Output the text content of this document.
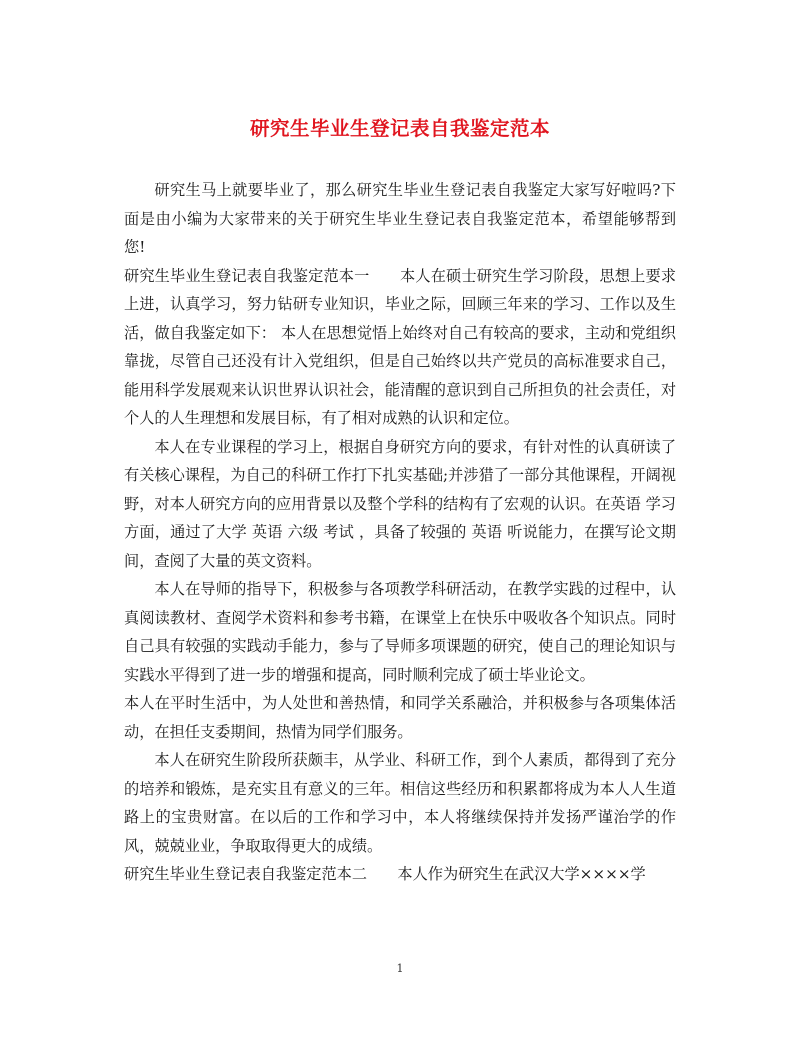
研究生毕业生登记表自我鉴定范本

研究生马上就要毕业了，那么研究生毕业生登记表自我鉴定大家写好啦吗?下面是由小编为大家带来的关于研究生毕业生登记表自我鉴定范本，希望能够帮到您!

研究生毕业生登记表自我鉴定范本一 本人在硕士研究生学习阶段，思想上要求上进，认真学习，努力钻研专业知识，毕业之际，回顾三年来的学习、工作以及生活，做自我鉴定如下： 本人在思想觉悟上始终对自己有较高的要求，主动和党组织靠拢，尽管自己还没有计入党组织，但是自己始终以共产党员的高标准要求自己，能用科学发展观来认识世界认识社会，能清醒的意识到自己所担负的社会责任，对个人的人生理想和发展目标，有了相对成熟的认识和定位。

本人在专业课程的学习上，根据自身研究方向的要求，有针对性的认真研读了有关核心课程，为自己的科研工作打下扎实基础;并涉猎了一部分其他课程，开阔视野，对本人研究方向的应用背景以及整个学科的结构有了宏观的认识。在英语 学习方面，通过了大学 英语 六级 考试 ，具备了较强的 英语 听说能力，在撰写论文期间，查阅了大量的英文资料。

本人在导师的指导下，积极参与各项教学科研活动，在教学实践的过程中，认真阅读教材、查阅学术资料和参考书籍，在课堂上在快乐中吸收各个知识点。同时自己具有较强的实践动手能力，参与了导师多项课题的研究，使自己的理论知识与实践水平得到了进一步的增强和提高，同时顺利完成了硕士毕业论文。

本人在平时生活中，为人处世和善热情，和同学关系融洽，并积极参与各项集体活动，在担任支委期间，热情为同学们服务。

本人在研究生阶段所获颇丰，从学业、科研工作，到个人素质，都得到了充分的培养和锻炼，是充实且有意义的三年。相信这些经历和积累都将成为本人人生道路上的宝贵财富。在以后的工作和学习中，本人将继续保持并发扬严谨治学的作风，兢兢业业，争取取得更大的成绩。

研究生毕业生登记表自我鉴定范本二 本人作为研究生在武汉大学××××学

1
